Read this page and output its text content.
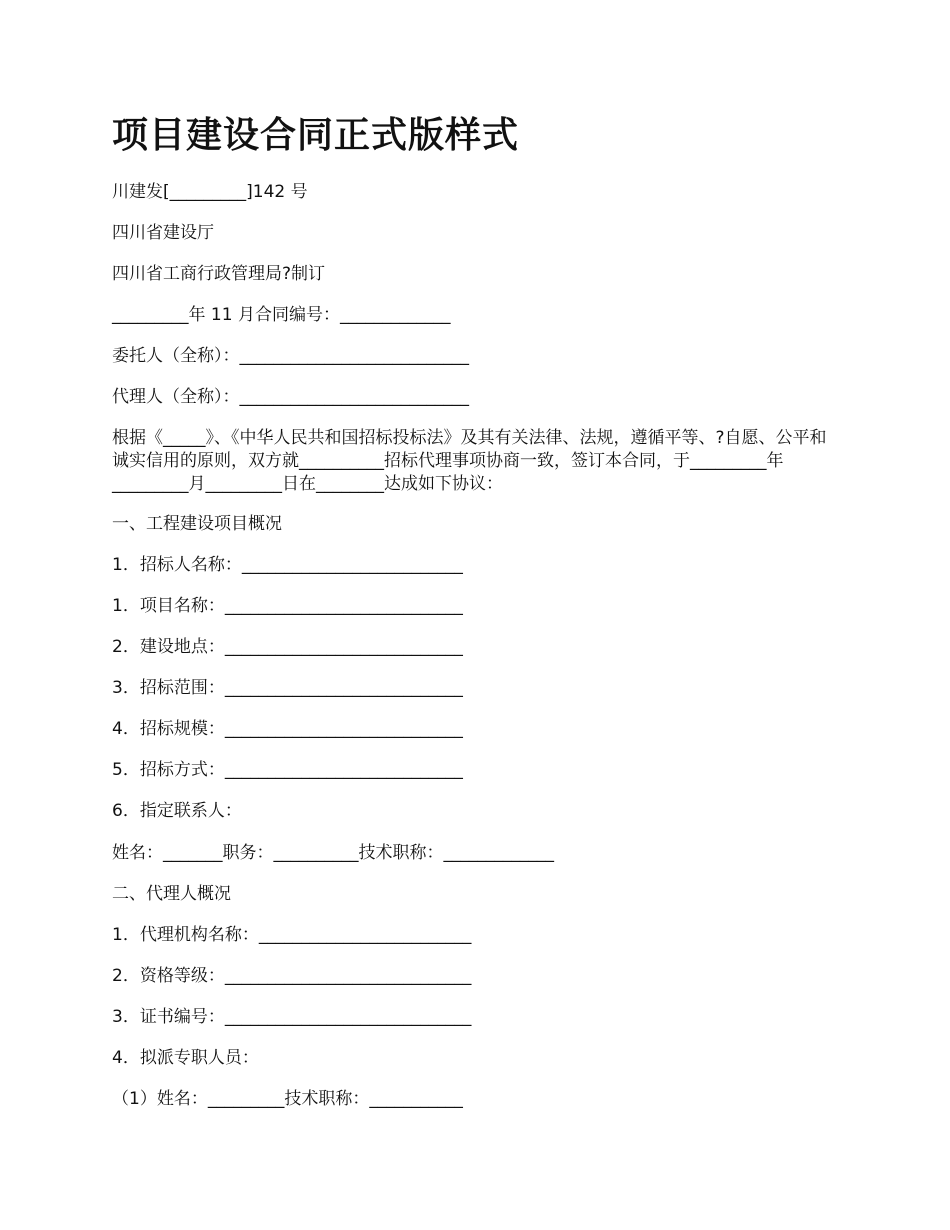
项目建设合同正式版样式

川建发[_________]142 号

四川省建设厅

四川省工商行政管理局?制订

_________年 11 月合同编号：_____________

委托人（全称）：___________________________

代理人（全称）：___________________________

根据《_____》、《中华人民共和国招标投标法》及其有关法律、法规，遵循平等、?自愿、公平和诚实信用的原则，双方就__________招标代理事项协商一致，签订本合同，于_________年_________月_________日在________达成如下协议：

一、工程建设项目概况

1．招标人名称：__________________________

1．项目名称：____________________________

2．建设地点：____________________________

3．招标范围：____________________________

4．招标规模：____________________________

5．招标方式：____________________________

6．指定联系人：

姓名：_______职务：__________技术职称：_____________

二、代理人概况

1．代理机构名称：_________________________

2．资格等级：_____________________________

3．证书编号：_____________________________

4．拟派专职人员：

（1）姓名：_________技术职称：___________
